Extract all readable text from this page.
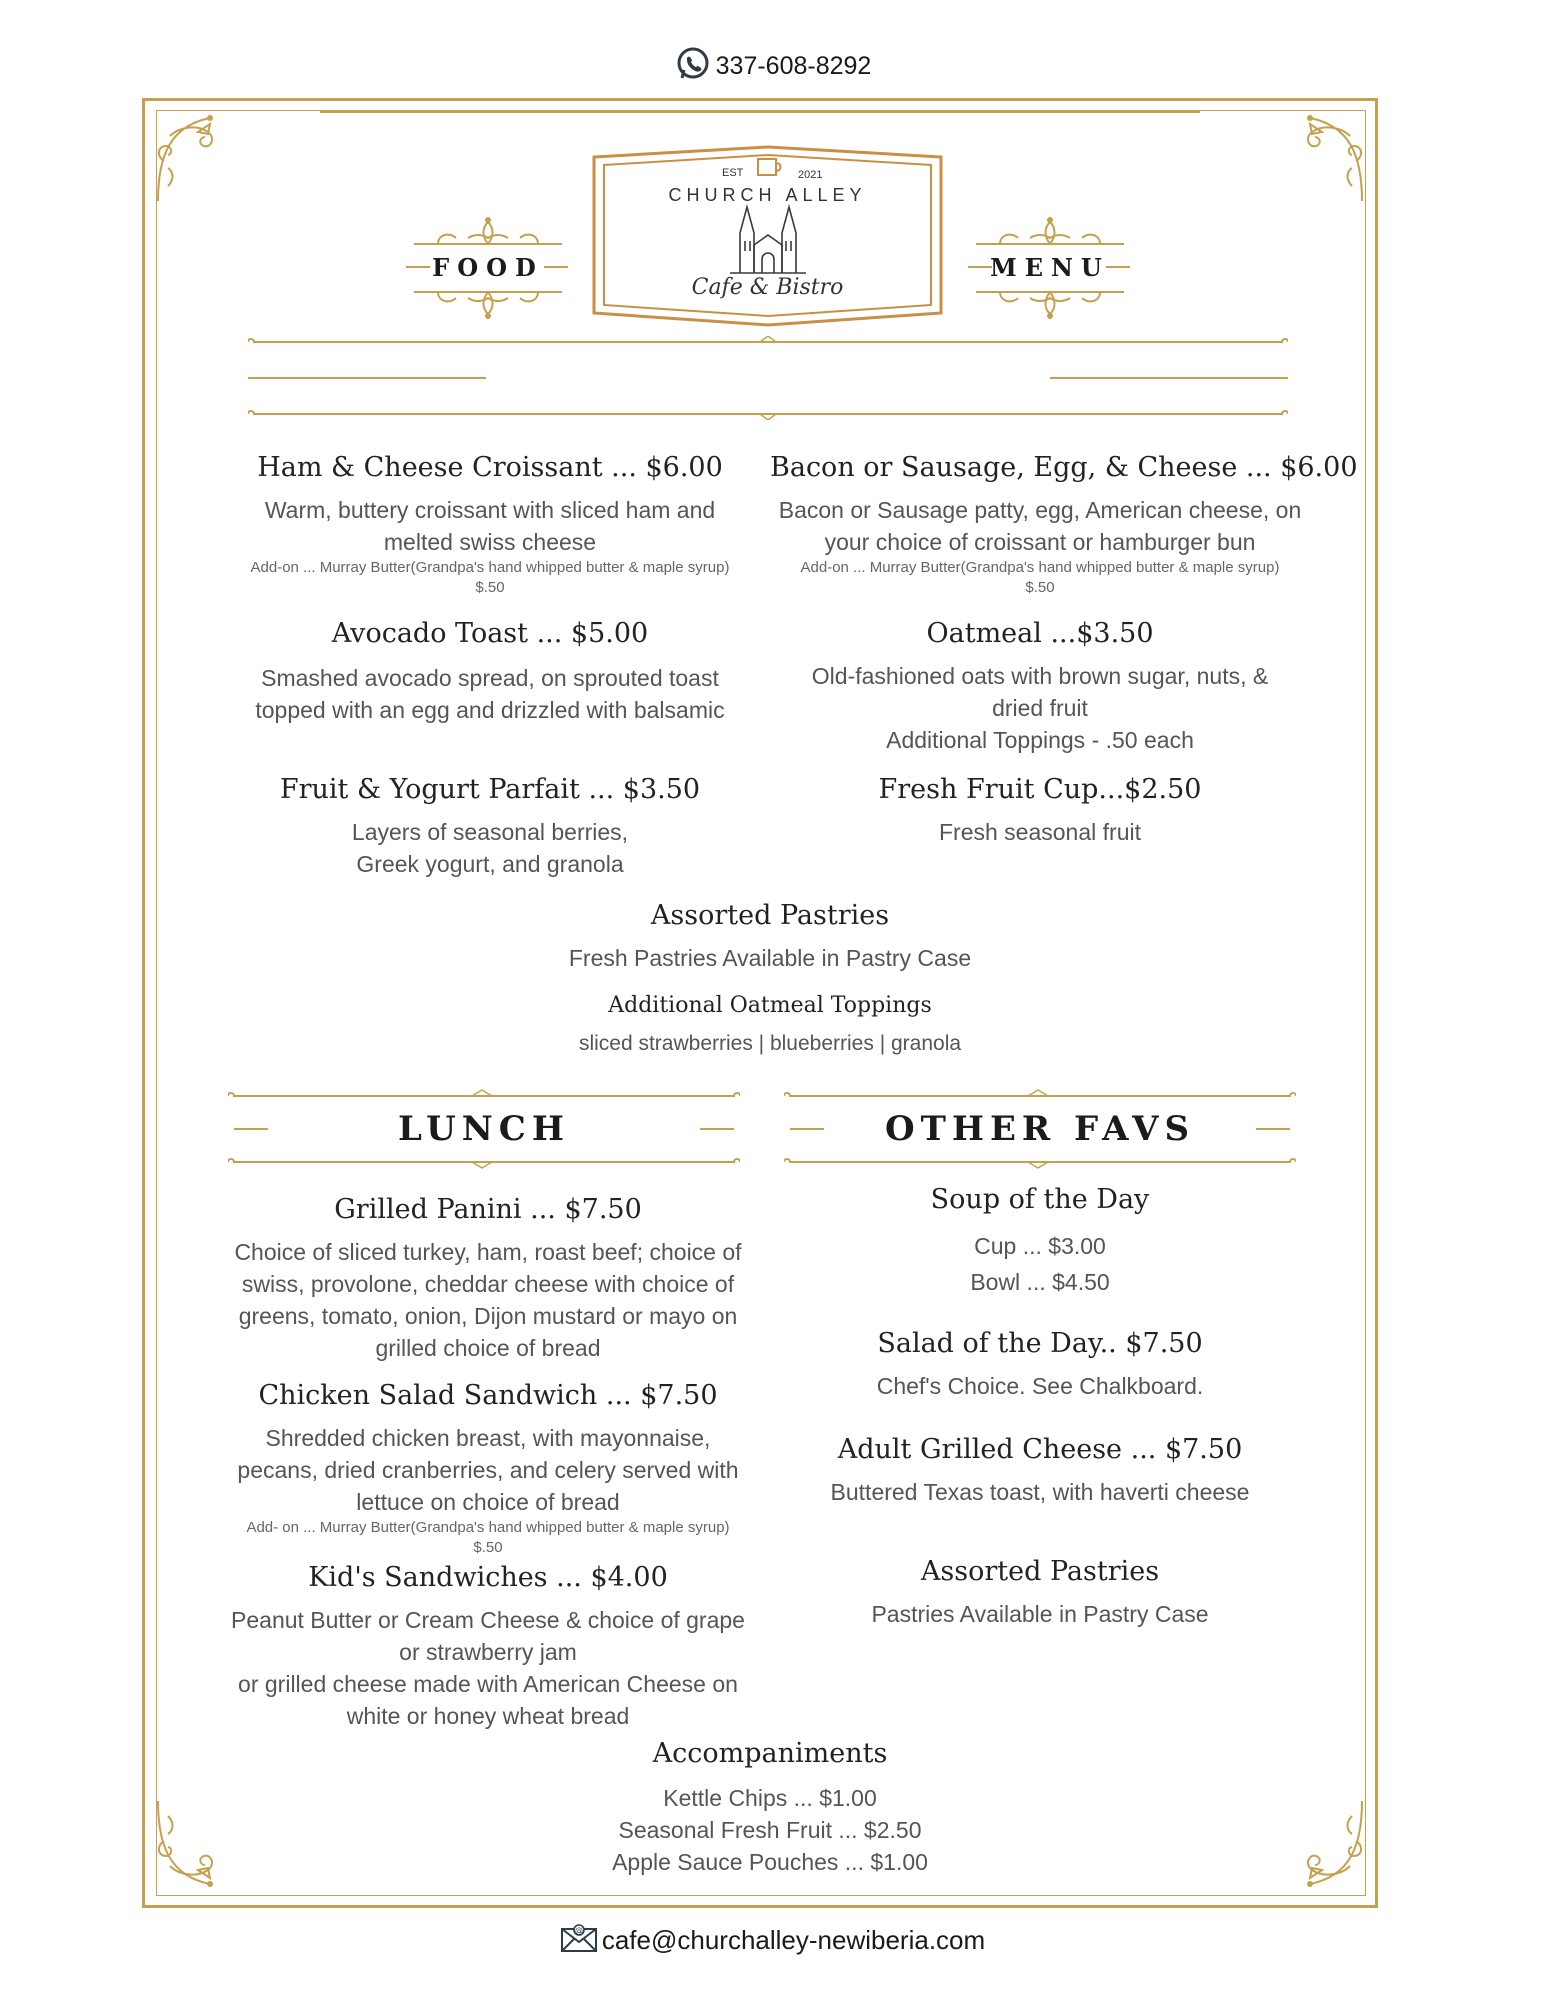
337-608-8292
FOOD	MENU
EST	2021
CHURCH ALLEY
Cafe & Bistro
Ham & Cheese Croissant ... $6.00
Warm, buttery croissant with sliced ham and
melted swiss cheese
Add-on ... Murray Butter(Grandpa's hand whipped butter & maple syrup)
$.50
Avocado Toast ... $5.00
Smashed avocado spread, on sprouted toast
topped with an egg and drizzled with balsamic
Fruit & Yogurt Parfait ... $3.50
Layers of seasonal berries,
Greek yogurt, and granola
Bacon or Sausage, Egg, & Cheese ... $6.00
Bacon or Sausage patty, egg, American cheese, on
your choice of croissant or hamburger bun
Add-on ... Murray Butter(Grandpa's hand whipped butter & maple syrup)
$.50
Oatmeal ...$3.50
Old-fashioned oats with brown sugar, nuts, &
dried fruit
Additional Toppings - .50 each
Fresh Fruit Cup...$2.50
Fresh seasonal fruit
Assorted Pastries
Fresh Pastries Available in Pastry Case
Additional Oatmeal Toppings
sliced strawberries | blueberries | granola
LUNCH	OTHER FAVS
Grilled Panini ... $7.50
Choice of sliced turkey, ham, roast beef; choice of
swiss, provolone, cheddar cheese with choice of
greens, tomato, onion, Dijon mustard or mayo on
grilled choice of bread
Chicken Salad Sandwich ... $7.50
Shredded chicken breast, with mayonnaise,
pecans, dried cranberries, and celery served with
lettuce on choice of bread
Add- on ... Murray Butter(Grandpa's hand whipped butter & maple syrup)
$.50
Kid's Sandwiches ... $4.00
Peanut Butter or Cream Cheese & choice of grape
or strawberry jam
or grilled cheese made with American Cheese on
white or honey wheat bread
Soup of the Day
Cup ... $3.00
Bowl ... $4.50
Salad of the Day.. $7.50
Chef's Choice. See Chalkboard.
Adult Grilled Cheese ... $7.50
Buttered Texas toast, with haverti cheese
Assorted Pastries
Pastries Available in Pastry Case
Accompaniments
Kettle Chips ... $1.00
Seasonal Fresh Fruit ... $2.50
Apple Sauce Pouches ... $1.00
@ cafe@churchalley-newiberia.com
